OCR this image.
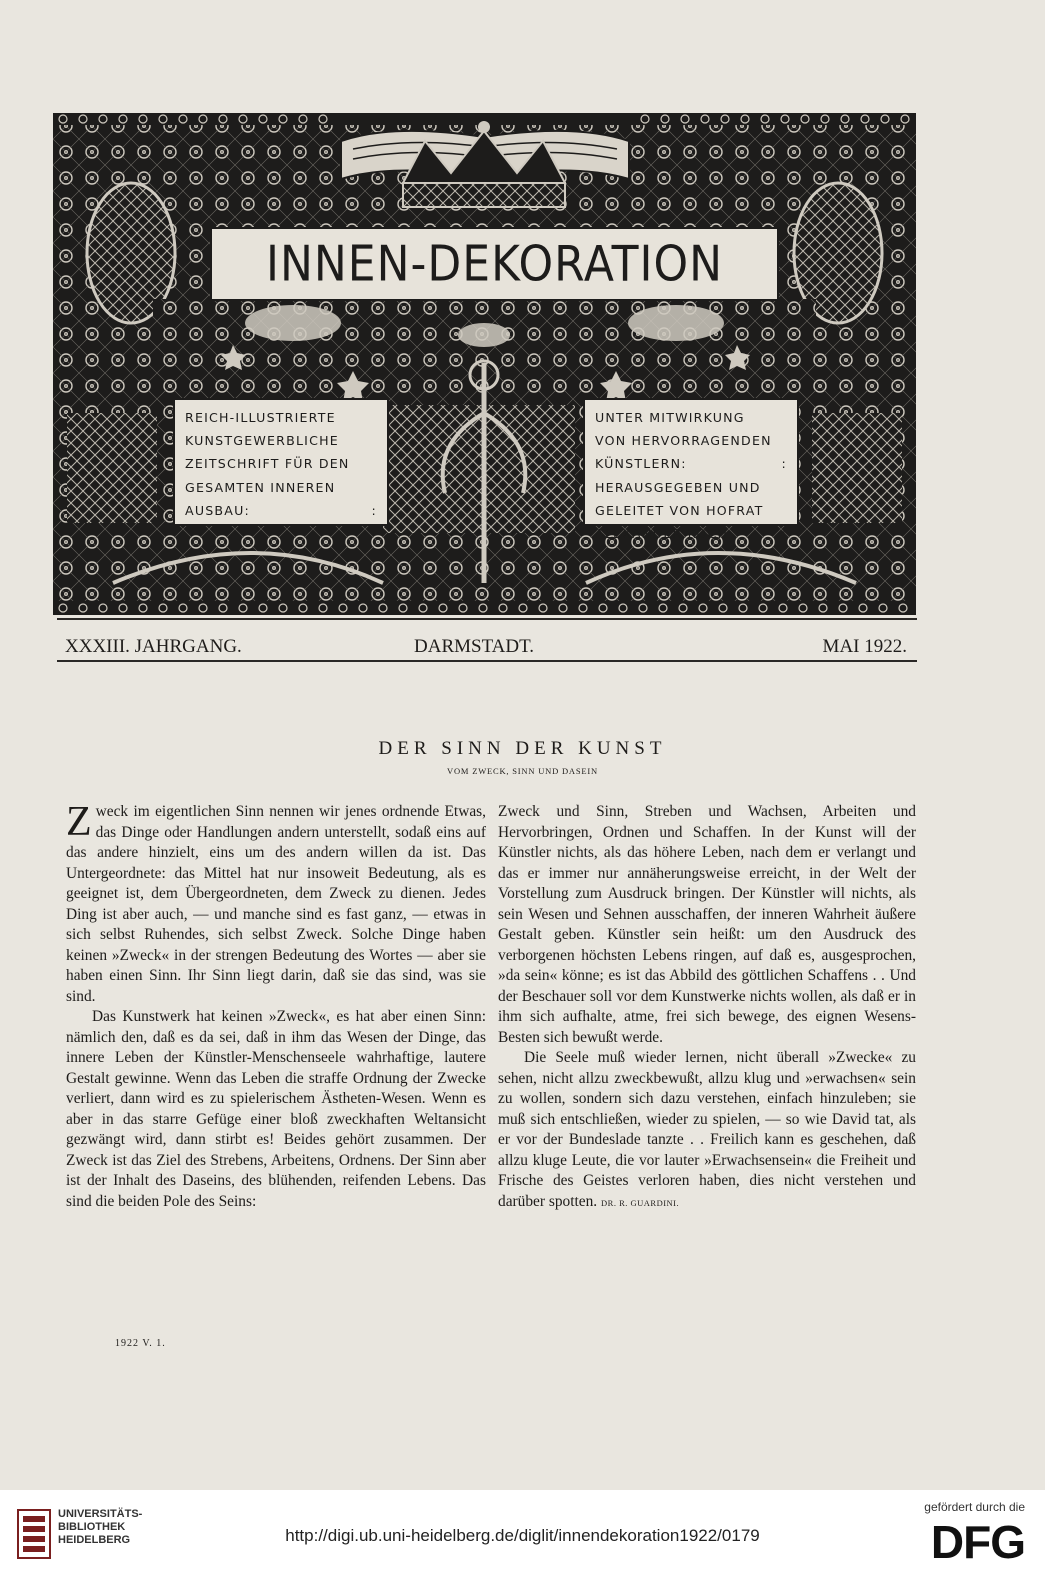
INNEN-DEKORATION
REICH-ILLUSTRIERTE
KUNSTGEWERBLICHE
ZEITSCHRIFT FÜR DEN
GESAMTEN INNEREN
AUSBAU:	:
UNTER MITWIRKUNG
VON HERVORRAGENDEN
KÜNSTLERN:	:
HERAUSGEGEBEN UND
GELEITET VON HOFRAT
ALEXANDER KOCH:	:
XXXIII. JAHRGANG.	DARMSTADT.	MAI 1922.
DER SINN DER KUNST
VOM ZWECK, SINN UND DASEIN

Zweck im eigentlichen Sinn nennen wir jenes ordnende Etwas, das Dinge oder Handlungen andern unterstellt, sodaß eins auf das andere hinzielt, eins um des andern willen da ist. Das Untergeordnete: das Mittel hat nur insoweit Bedeutung, als es geeignet ist, dem Übergeordneten, dem Zweck zu dienen. Jedes Ding ist aber auch, — und manche sind es fast ganz, — etwas in sich selbst Ruhendes, sich selbst Zweck. Solche Dinge haben keinen »Zweck« in der strengen Bedeutung des Wortes — aber sie haben einen Sinn. Ihr Sinn liegt darin, daß sie das sind, was sie sind.

Das Kunstwerk hat keinen »Zweck«, es hat aber einen Sinn: nämlich den, daß es da sei, daß in ihm das Wesen der Dinge, das innere Leben der Künstler-Menschenseele wahrhaftige, lautere Gestalt gewinne. Wenn das Leben die straffe Ordnung der Zwecke verliert, dann wird es zu spielerischem Ästheten-Wesen. Wenn es aber in das starre Gefüge einer bloß zweckhaften Weltansicht gezwängt wird, dann stirbt es! Beides gehört zusammen. Der Zweck ist das Ziel des Strebens, Arbeitens, Ordnens. Der Sinn aber ist der Inhalt des Daseins, des blühenden, reifenden Lebens. Das sind die beiden Pole des Seins:

Zweck und Sinn, Streben und Wachsen, Arbeiten und Hervorbringen, Ordnen und Schaffen. In der Kunst will der Künstler nichts, als das höhere Leben, nach dem er verlangt und das er immer nur annäherungsweise erreicht, in der Welt der Vorstellung zum Ausdruck bringen. Der Künstler will nichts, als sein Wesen und Sehnen ausschaffen, der inneren Wahrheit äußere Gestalt geben. Künstler sein heißt: um den Ausdruck des verborgenen höchsten Lebens ringen, auf daß es, ausgesprochen, »da sein« könne; es ist das Abbild des göttlichen Schaffens . . Und der Beschauer soll vor dem Kunstwerke nichts wollen, als daß er in ihm sich aufhalte, atme, frei sich bewege, des eignen Wesens-Besten sich bewußt werde.

Die Seele muß wieder lernen, nicht überall »Zwecke« zu sehen, nicht allzu zweckbewußt, allzu klug und »erwachsen« sein zu wollen, sondern sich dazu verstehen, einfach hinzuleben; sie muß sich entschließen, wieder zu spielen, — so wie David tat, als er vor der Bundeslade tanzte . . Freilich kann es geschehen, daß allzu kluge Leute, die vor lauter »Erwachsensein« die Freiheit und Frische des Geistes verloren haben, dies nicht verstehen und darüber spotten. DR. R. GUARDINI.

1922 V. 1.
UNIVERSITÄTS-
BIBLIOTHEK
HEIDELBERG	http://digi.ub.uni-heidelberg.de/diglit/innendekoration1922/0179
gefördert durch die
DFG
